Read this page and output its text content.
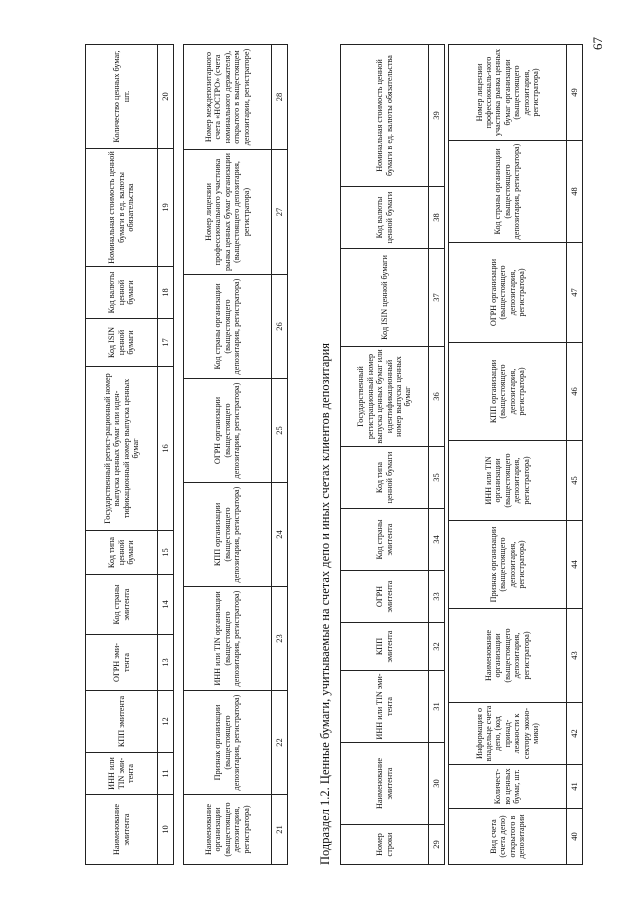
Наименование эмитента	ИНН или TIN эми-тента	КПП эмитента	ОГРН эми-тента	Код страны эмитента	Код типа ценной бумаги	Государственный регист-рационный номер выпуска ценных бумаг или иден-тификационный номер выпуска ценных бумаг	Код ISIN ценной бумаги	Код валюты ценной бумаги	Номинальная стоимость ценной бумаги в ед. валюты обязательства	Количество ценных бумаг, шт.
10	11	12	13	14	15	16	17	18	19	20
Наименование организации (выщестоящего депозитария, регистратора)	Признак организации (выщестоящего депозитария, регистратора)	ИНН или TIN организации (выщестоящего депозитария, регистратора)	КПП организации (выщестоящего депозитария, регистратора)	ОГРН организации (выщестоящего депозитария, регистратора)	Код страны организации (выщестоящего депозитария, регистратора)	Номер лицензии профессионального участника рынка ценных бумаг организации (выщестоящего депозитария, регистратора)	Номер междепозитарного счета «НОСТРО» (счета номинального держателя), открытого в выщестоящем депозитарии, регистраторе)
21	22	23	24	25	26	27	28
Подраздел 1.2. Ценные бумаги, учитываемые на счетах депо и иных счетах клиентов депозитария	Номер строки	Наименование эмитента	ИНН или TIN эми-тента	КПП эмитента	ОГРН эмитента	Код страны эмитента	Код типа ценной бумаги	Государственный регистрационный номер выпуска ценных бумаг или идентификационный номер выпуска ценных бумаг	Код ISIN ценной бумаги	Код валюты ценной бумаги	Номинальная стоимость ценной бумаги в ед. валюты обязательства
29	30	31	32	33	34	35	36	37	38	39
Вид счета (счета депо) открытого в депозитарии	Количест-во ценных бумаг, шт.	Информация о владельце счета депо, (код принад-лежности к сектору эконо-мики)	Наименование организации (выщестоящего депозитария, регистратора)	Признак организации (выщестоящего депозитария, регистратора)	ИНН или TIN организации (выщестоящего депозитария, регистратора)	КПП организации (выщестоящего депозитария, регистратора)	ОГРН организации (выщестоящего депозитария, регистратора)	Код страны организации (выщестоящего депозитария, регистратора)	Номер лицензии профессиональ-ного участника рынка ценных бумаг организации (выщестоящего депозитария, регистратора)
40	41	42	43	44	45	46	47	48	49
67
